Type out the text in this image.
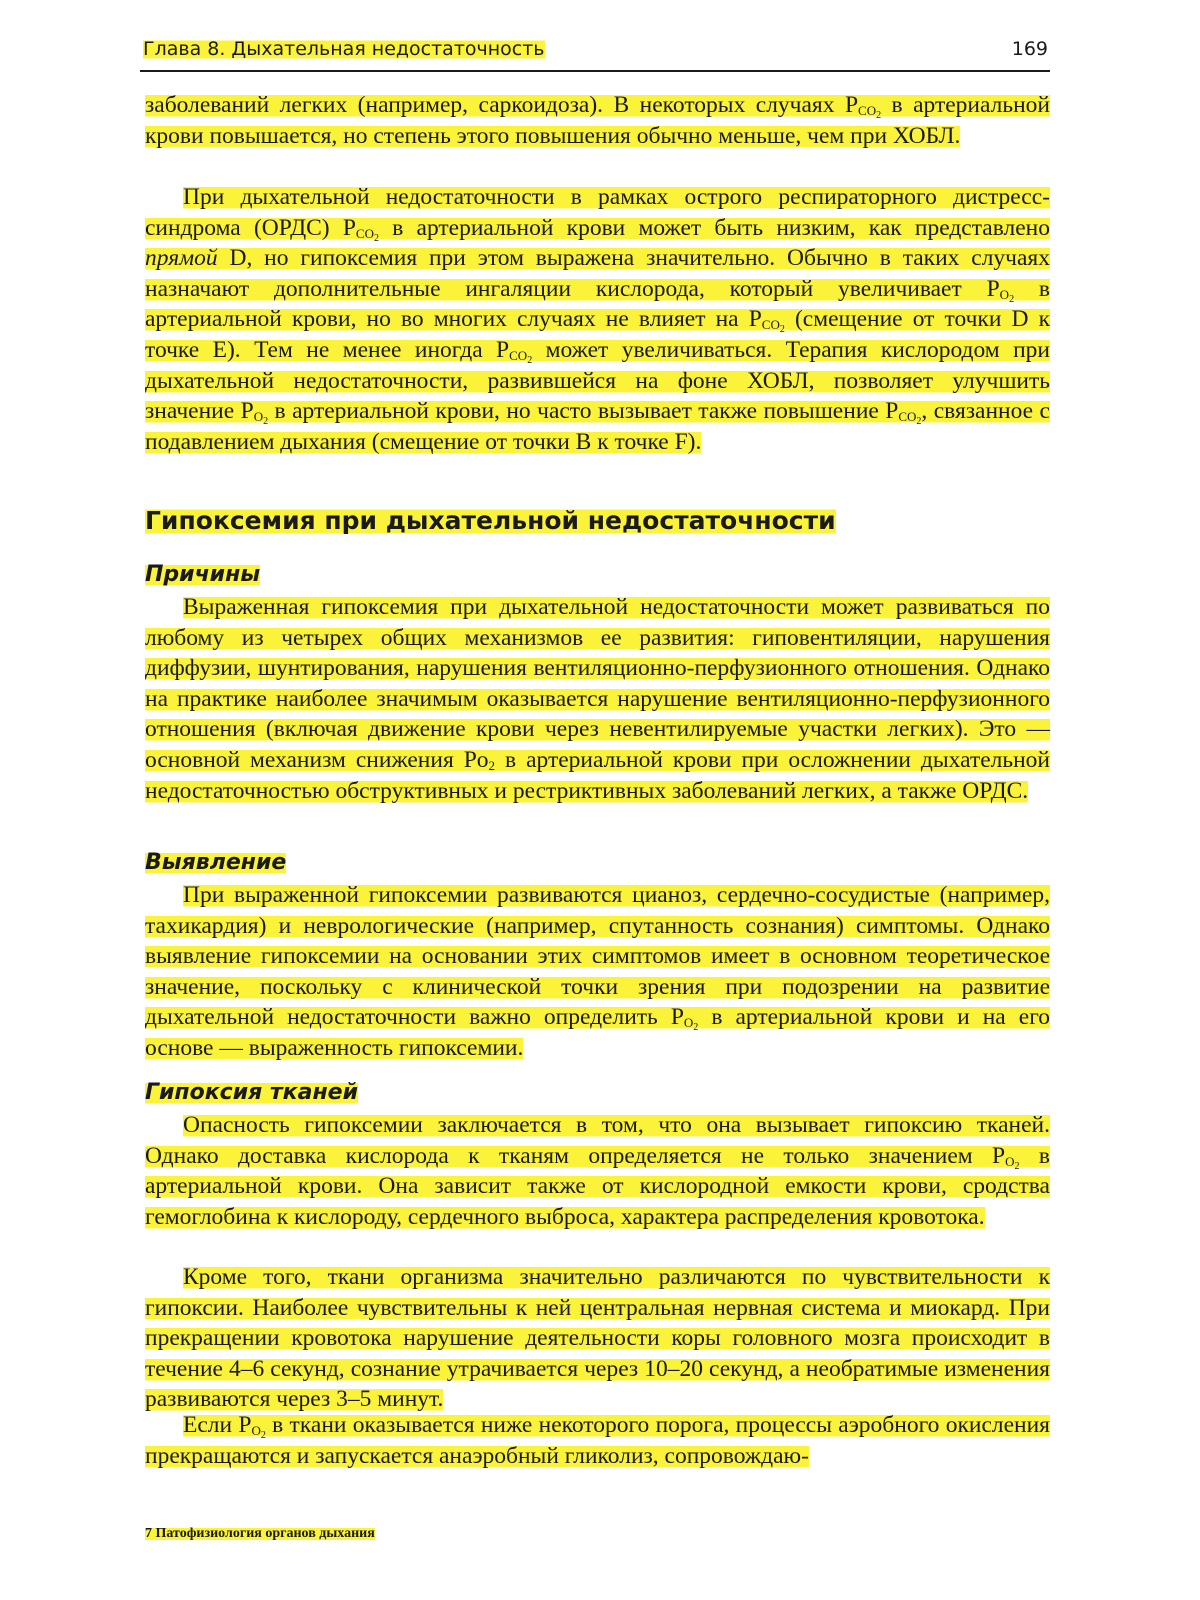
Глава 8. Дыхательная недостаточность	169

заболеваний легких (например, саркоидоза). В некоторых случаях $P_{CO_2}$ в артериальной крови повышается, но степень этого повышения обычно меньше, чем при ХОБЛ.

При дыхательной недостаточности в рамках острого респираторного дистресс-синдрома (ОРДС) $P_{CO_2}$ в артериальной крови может быть низким, как представлено прямой D, но гипоксемия при этом выражена значительно. Обычно в таких случаях назначают дополнительные ингаляции кислорода, который увеличивает $P_{O_2}$ в артериальной крови, но во многих случаях не влияет на $P_{CO_2}$ (смещение от точки D к точке E). Тем не менее иногда $P_{CO_2}$ может увеличиваться. Терапия кислородом при дыхательной недостаточности, развившейся на фоне ХОБЛ, позволяет улучшить значение $P_{O_2}$ в артериальной крови, но часто вызывает также повышение $P_{CO_2}$, связанное с подавлением дыхания (смещение от точки B к точке F).

Гипоксемия при дыхательной недостаточности
Причины

Выраженная гипоксемия при дыхательной недостаточности может развиваться по любому из четырех общих механизмов ее развития: гиповентиляции, нарушения диффузии, шунтирования, нарушения вентиляционно-перфузионного отношения. Однако на практике наиболее значимым оказывается нарушение вентиляционно-перфузионного отношения (включая движение крови через невентилируемые участки легких). Это — основной механизм снижения $Po_2$ в артериальной крови при осложнении дыхательной недостаточностью обструктивных и рестриктивных заболеваний легких, а также ОРДС.

Выявление

При выраженной гипоксемии развиваются цианоз, сердечно-сосудистые (например, тахикардия) и неврологические (например, спутанность сознания) симптомы. Однако выявление гипоксемии на основании этих симптомов имеет в основном теоретическое значение, поскольку с клинической точки зрения при подозрении на развитие дыхательной недостаточности важно определить $P_{O_2}$ в артериальной крови и на его основе — выраженность гипоксемии.

Гипоксия тканей

Опасность гипоксемии заключается в том, что она вызывает гипоксию тканей. Однако доставка кислорода к тканям определяется не только значением $P_{O_2}$ в артериальной крови. Она зависит также от кислородной емкости крови, сродства гемоглобина к кислороду, сердечного выброса, характера распределения кровотока.

Кроме того, ткани организма значительно различаются по чувствительности к гипоксии. Наиболее чувствительны к ней центральная нервная система и миокард. При прекращении кровотока нарушение деятельности коры головного мозга происходит в течение 4–6 секунд, сознание утрачивается через 10–20 секунд, а необратимые изменения развиваются через 3–5 минут.

Если $P_{O_2}$ в ткани оказывается ниже некоторого порога, процессы аэробного окисления прекращаются и запускается анаэробный гликолиз, сопровождаю-

7 Патофизиология органов дыхания
